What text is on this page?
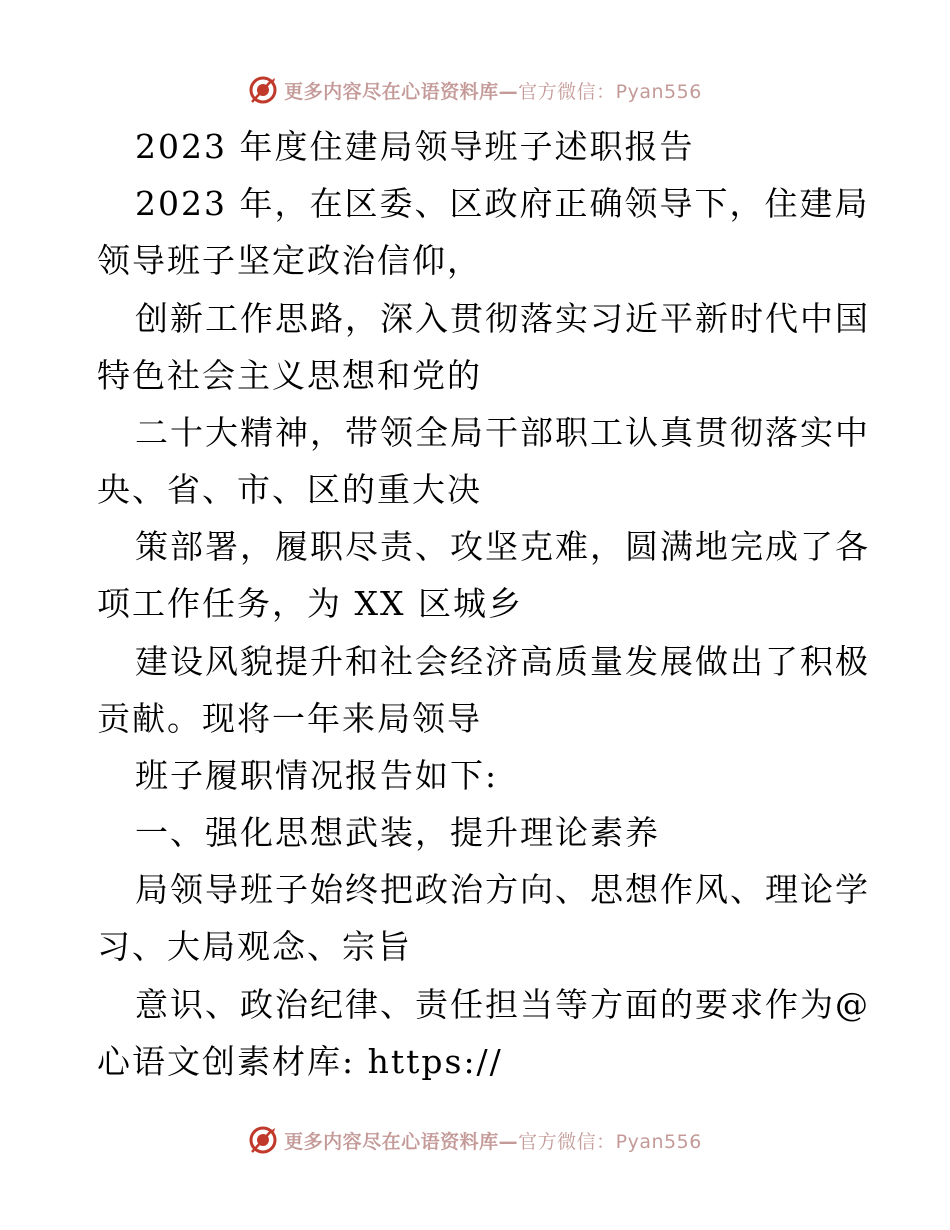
更多内容尽在心语资料库—官方微信：Pyan556
2023 年度住建局领导班子述职报告
2023 年，在区委、区政府正确领导下，住建局
领导班子坚定政治信仰，
创新工作思路，深入贯彻落实习近平新时代中国
特色社会主义思想和党的
二十大精神，带领全局干部职工认真贯彻落实中
央、省、市、区的重大决
策部署，履职尽责、攻坚克难，圆满地完成了各
项工作任务，为 XX 区城乡
建设风貌提升和社会经济高质量发展做出了积极
贡献。现将一年来局领导
班子履职情况报告如下:
一、强化思想武装，提升理论素养
局领导班子始终把政治方向、思想作风、理论学
习、大局观念、宗旨
意识、政治纪律、责任担当等方面的要求作为@
心语文创素材库: https://
更多内容尽在心语资料库—官方微信：Pyan556
